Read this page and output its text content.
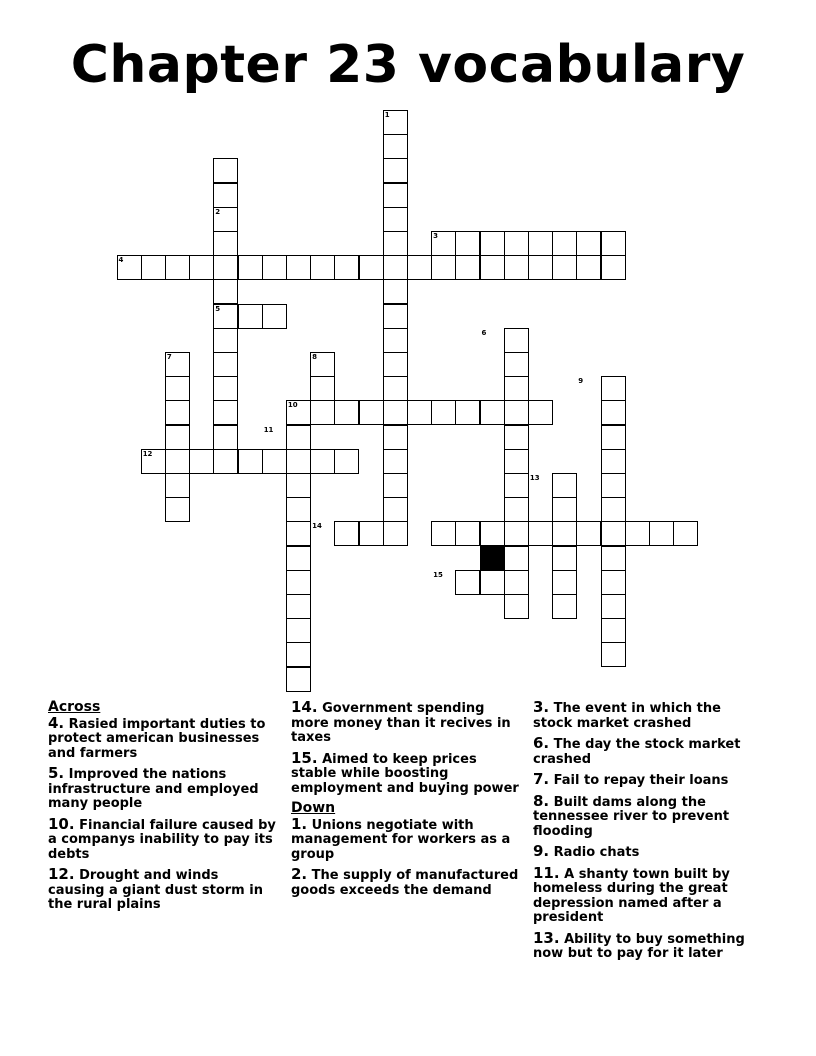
Chapter 23 vocabulary
1
2
3
4
5
6
7	8
9
10
11
12
13
14
15
Across
4. Rasied important duties to protect american businesses and farmers
5. Improved the nations infrastructure and employed many people
10. Financial failure caused by a companys inability to pay its debts
12. Drought and winds causing a giant dust storm in the rural plains
14. Government spending more money than it recives in taxes
15. Aimed to keep prices stable while boosting employment and buying power
Down
1. Unions negotiate with management for workers as a group
2. The supply of manufactured goods exceeds the demand
3. The event in which the stock market crashed
6. The day the stock market crashed
7. Fail to repay their loans
8. Built dams along the tennessee river to prevent flooding
9. Radio chats
11. A shanty town built by homeless during the great depression named after a president
13. Ability to buy something now but to pay for it later
